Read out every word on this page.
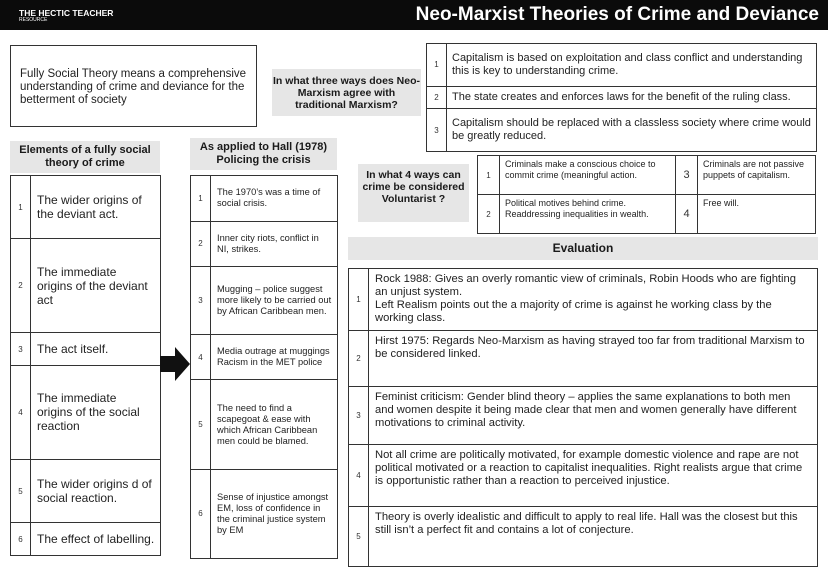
THE HECTIC TEACHER
RESOURCE	Neo-Marxist Theories of Crime and Deviance
Fully Social Theory means a comprehensive understanding of crime and deviance for the betterment of society
In what three ways does Neo-Marxism agree with traditional Marxism?
In what 4 ways can crime be considered Voluntarist ?
Elements of a fully social theory of crime
1	The wider origins of the deviant act.
2	The immediate origins of the deviant act
3	The act itself.
4	The immediate origins of the social reaction
5	The wider origins d of social reaction.
6	The effect of labelling.
As applied to Hall (1978) Policing the crisis
1	The 1970’s was a time of social crisis.
2	Inner city riots, conflict in NI, strikes.
3	Mugging – police suggest more likely to be carried out by African Caribbean men.
4	Media outrage at muggings
Racism in the MET police
5	The need to find a scapegoat & ease with which African Caribbean men could be blamed.
6	Sense of injustice amongst EM, loss of confidence in the criminal justice system by EM
1	Capitalism is based on exploitation and class conflict and understanding this is key to understanding crime.
2	The state creates and enforces laws for the benefit of the ruling class.
3	Capitalism should be replaced with a classless society where crime would be greatly reduced.
1	Criminals make a conscious choice to commit crime (meaningful action.	3	Criminals are not passive puppets of capitalism.
2	Political motives behind crime. Readdressing inequalities in wealth.	4	Free will.
Evaluation
1	Rock 1988: Gives an overly romantic view of criminals, Robin Hoods who are fighting an unjust system.
Left Realism points out the a majority of crime is against he working class by the working class.
2	Hirst 1975: Regards Neo-Marxism as having strayed too far from traditional Marxism to be considered linked.
3	Feminist criticism: Gender blind theory – applies the same explanations to both men and women despite it being made clear that men and women generally have different motivations to criminal activity.
4	Not all crime are politically motivated, for example domestic violence and rape are not political motivated or a reaction to capitalist inequalities. Right realists argue that crime is opportunistic rather than a reaction to perceived injustice.
5	Theory is overly idealistic and difficult to apply to real life. Hall was the closest but this still isn’t a perfect fit and contains a lot of conjecture.
